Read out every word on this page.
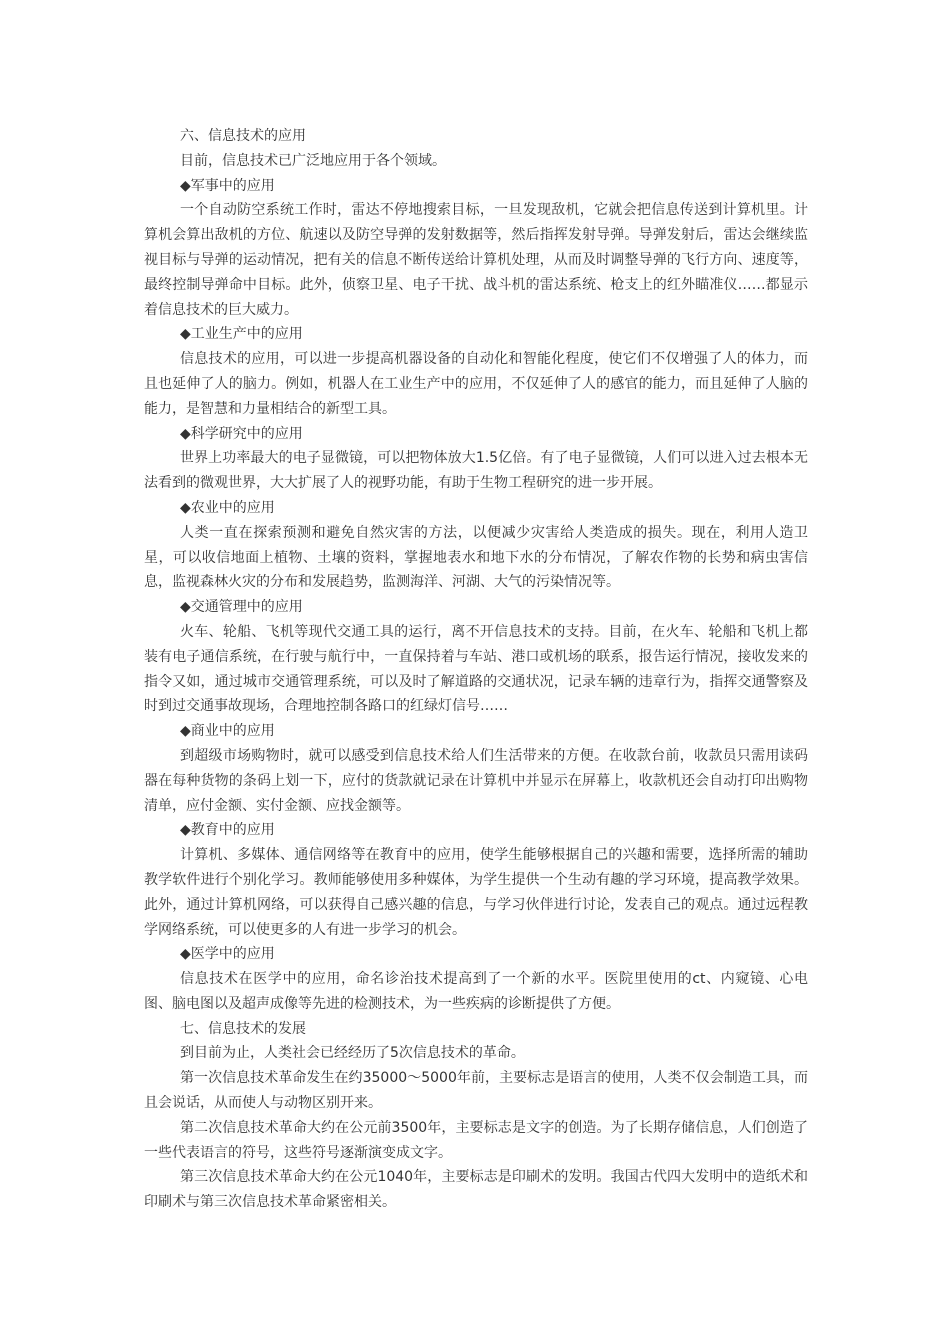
六、信息技术的应用

目前，信息技术已广泛地应用于各个领域。

◆军事中的应用

一个自动防空系统工作时，雷达不停地搜索目标，一旦发现敌机，它就会把信息传送到计算机里。计算机会算出敌机的方位、航速以及防空导弹的发射数据等，然后指挥发射导弹。导弹发射后，雷达会继续监视目标与导弹的运动情况，把有关的信息不断传送给计算机处理，从而及时调整导弹的飞行方向、速度等，最终控制导弹命中目标。此外，侦察卫星、电子干扰、战斗机的雷达系统、枪支上的红外瞄准仪……都显示着信息技术的巨大威力。

◆工业生产中的应用

信息技术的应用，可以进一步提高机器设备的自动化和智能化程度，使它们不仅增强了人的体力，而且也延伸了人的脑力。例如，机器人在工业生产中的应用，不仅延伸了人的感官的能力，而且延伸了人脑的能力，是智慧和力量相结合的新型工具。

◆科学研究中的应用

世界上功率最大的电子显微镜，可以把物体放大1.5亿倍。有了电子显微镜，人们可以进入过去根本无法看到的微观世界，大大扩展了人的视野功能，有助于生物工程研究的进一步开展。

◆农业中的应用

人类一直在探索预测和避免自然灾害的方法，以便减少灾害给人类造成的损失。现在，利用人造卫星，可以收信地面上植物、土壤的资料，掌握地表水和地下水的分布情况，了解农作物的长势和病虫害信息，监视森林火灾的分布和发展趋势，监测海洋、河湖、大气的污染情况等。

◆交通管理中的应用

火车、轮船、飞机等现代交通工具的运行，离不开信息技术的支持。目前，在火车、轮船和飞机上都装有电子通信系统，在行驶与航行中，一直保持着与车站、港口或机场的联系，报告运行情况，接收发来的指令又如，通过城市交通管理系统，可以及时了解道路的交通状况，记录车辆的违章行为，指挥交通警察及时到过交通事故现场，合理地控制各路口的红绿灯信号……

◆商业中的应用

到超级市场购物时，就可以感受到信息技术给人们生活带来的方便。在收款台前，收款员只需用读码器在每种货物的条码上划一下，应付的货款就记录在计算机中并显示在屏幕上，收款机还会自动打印出购物清单，应付金额、实付金额、应找金额等。

◆教育中的应用

计算机、多媒体、通信网络等在教育中的应用，使学生能够根据自己的兴趣和需要，选择所需的辅助教学软件进行个别化学习。教师能够使用多种媒体，为学生提供一个生动有趣的学习环境，提高教学效果。此外，通过计算机网络，可以获得自己感兴趣的信息，与学习伙伴进行讨论，发表自己的观点。通过远程教学网络系统，可以使更多的人有进一步学习的机会。

◆医学中的应用

信息技术在医学中的应用，命名诊治技术提高到了一个新的水平。医院里使用的ct、内窥镜、心电图、脑电图以及超声成像等先进的检测技术，为一些疾病的诊断提供了方便。

七、信息技术的发展

到目前为止，人类社会已经经历了5次信息技术的革命。

第一次信息技术革命发生在约35000～5000年前，主要标志是语言的使用，人类不仅会制造工具，而且会说话，从而使人与动物区别开来。

第二次信息技术革命大约在公元前3500年，主要标志是文字的创造。为了长期存储信息，人们创造了一些代表语言的符号，这些符号逐渐演变成文字。

第三次信息技术革命大约在公元1040年，主要标志是印刷术的发明。我国古代四大发明中的造纸术和印刷术与第三次信息技术革命紧密相关。
